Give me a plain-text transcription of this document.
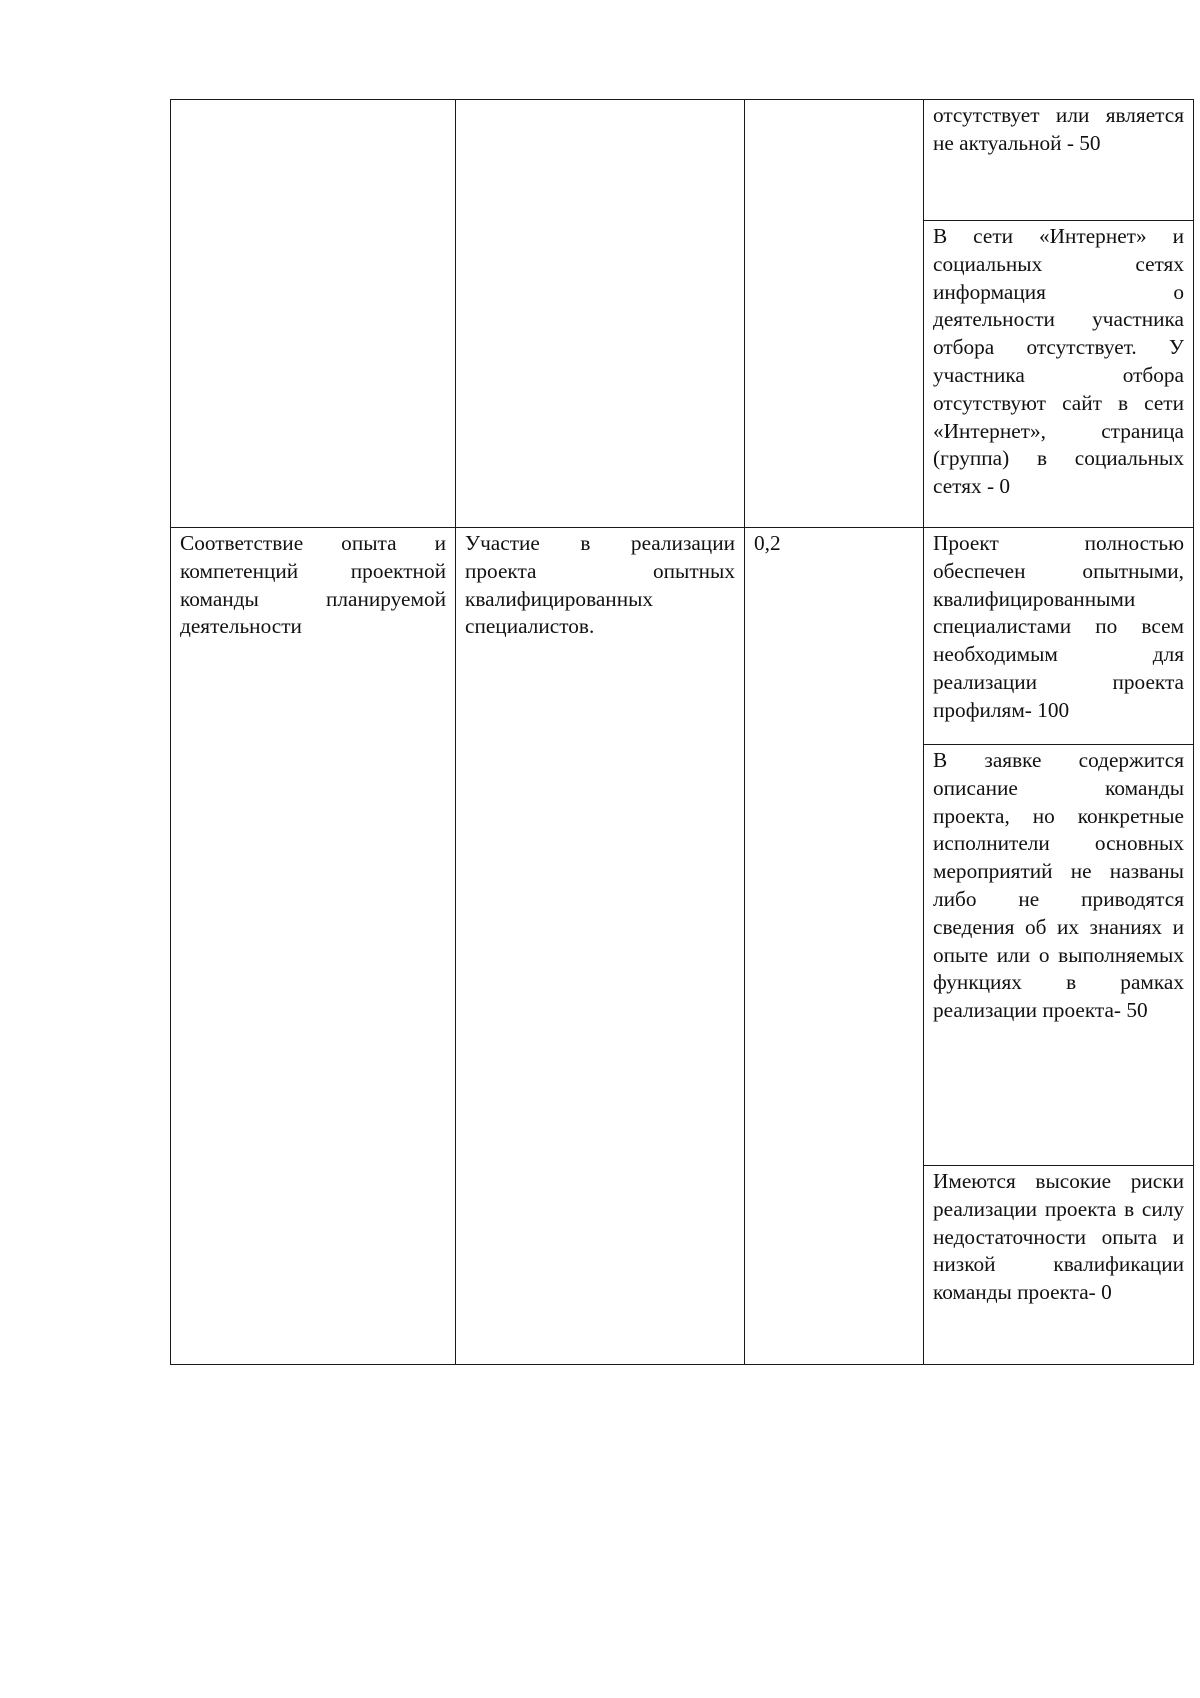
			отсутствует или является не актуальной - 50
			В сети «Интернет» и социальных сетях информация о деятельности участника отбора отсутствует. У участника отбора отсутствуют сайт в сети «Интернет», страница (группа) в социальных сетях - 0
Соответствие опыта и компетенций проектной команды планируемой деятельности	Участие в реализации проекта опытных квалифицированных специалистов.	0,2	Проект полностью обеспечен опытными, квалифицированными специалистами по всем необходимым для реализации проекта профилям- 100
			В заявке содержится описание команды проекта, но конкретные исполнители основных мероприятий не названы либо не приводятся сведения об их знаниях и опыте или о выполняемых функциях в рамках реализации проекта- 50
			Имеются высокие риски реализации проекта в силу недостаточности опыта и низкой квалификации команды проекта- 0
